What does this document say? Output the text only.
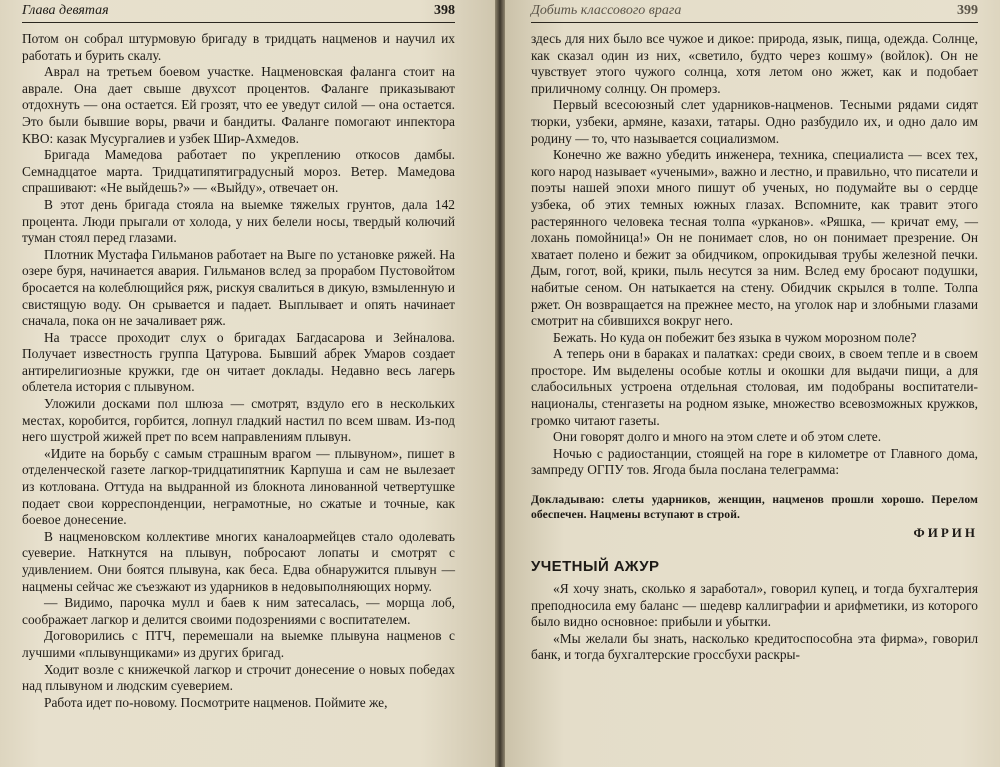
Глава девятая	398

Потом он собрал штурмовую бригаду в тридцать нацменов и научил их работать и бурить скалу.

Аврал на третьем боевом участке. Нацменовская фаланга стоит на аврале. Она дает свыше двухсот процентов. Фаланге приказывают отдохнуть — она остается. Ей грозят, что ее уведут силой — она остается. Это были бывшие воры, рвачи и бандиты. Фаланге помогают инпектора КВО: казак Мусургалиев и узбек Шир-Ахмедов.

Бригада Мамедова работает по укреплению откосов дамбы. Семнадцатое марта. Тридцатипятиградусный мороз. Ветер. Мамедова спрашивают: «Не выйдешь?» — «Выйду», отвечает он.

В этот день бригада стояла на выемке тяжелых грунтов, дала 142 процента. Люди прыгали от холода, у них белели носы, твердый колючий туман стоял перед глазами.

Плотник Мустафа Гильманов работает на Выге по установке ряжей. На озере буря, начинается авария. Гильманов вслед за прорабом Пустовойтом бросается на колеблющийся ряж, рискуя свалиться в дикую, взмыленную и свистящую воду. Он срывается и падает. Выплывает и опять начинает сначала, пока он не зачаливает ряж.

На трассе проходит слух о бригадах Багдасарова и Зейналова. Получает известность группа Цатурова. Бывший абрек Умаров создает антирелигиозные кружки, где он читает доклады. Недавно весь лагерь облетела история с плывуном.

Уложили досками пол шлюза — смотрят, вздуло его в нескольких местах, коробится, горбится, лопнул гладкий настил по всем швам. Из-под него шустрой жижей прет по всем направлениям плывун.

«Идите на борьбу с самым страшным врагом — плывуном», пишет в отделенческой газете лагкор-тридцатипятник Карпуша и сам не вылезает из котлована. Оттуда на выдранной из блокнота линованной четвертушке подает свои корреспонденции, неграмотные, но сжатые и точные, как боевое донесение.

В нацменовском коллективе многих каналоармейцев стало одолевать суеверие. Наткнутся на плывун, побросают лопаты и смотрят с удивлением. Они боятся плывуна, как беса. Едва обнаружится плывун — нацмены сейчас же съезжают из ударников в недовыполняющих норму.

— Видимо, парочка мулл и баев к ним затесалась, — морща лоб, соображает лагкор и делится своими подозрениями с воспитателем.

Договорились с ПТЧ, перемешали на выемке плывуна нацменов с лучшими «плывунщиками» из других бригад.

Ходит возле с книжечкой лагкор и строчит донесение о новых победах над плывуном и людским суеверием.

Работа идет по-новому. Посмотрите нацменов. Поймите же,

Добить классового врага	399

здесь для них было все чужое и дикое: природа, язык, пища, одежда. Солнце, как сказал один из них, «светило, будто через кошму» (войлок). Он не чувствует этого чужого солнца, хотя летом оно жжет, как и подобает приличному солнцу. Он промерз.

Первый всесоюзный слет ударников-нацменов. Тесными рядами сидят тюрки, узбеки, армяне, казахи, татары. Одно разбудило их, и одно дало им родину — то, что называется социализмом.

Конечно же важно убедить инженера, техника, специалиста — всех тех, кого народ называет «учеными», важно и лестно, и правильно, что писатели и поэты нашей эпохи много пишут об ученых, но подумайте вы о сердце узбека, об этих темных южных глазах. Вспомните, как травит этого растерянного человека тесная толпа «урканов». «Ряшка, — кричат ему, — лохань помойница!» Он не понимает слов, но он понимает презрение. Он хватает полено и бежит за обидчиком, опрокидывая трубы железной печки. Дым, гогот, вой, крики, пыль несутся за ним. Вслед ему бросают подушки, набитые сеном. Он натыкается на стену. Обидчик скрылся в толпе. Толпа ржет. Он возвращается на прежнее место, на уголок нар и злобными глазами смотрит на сбившихся вокруг него.

Бежать. Но куда он побежит без языка в чужом морозном поле?

А теперь они в бараках и палатках: среди своих, в своем тепле и в своем просторе. Им выделены особые котлы и окошки для выдачи пищи, а для слабосильных устроена отдельная столовая, им подобраны воспитатели-националы, стенгазеты на родном языке, множество всевозможных кружков, громко читают газеты.

Они говорят долго и много на этом слете и об этом слете.

Ночью с радиостанции, стоящей на горе в километре от Главного дома, зампреду ОГПУ тов. Ягода была послана телеграмма:

Докладываю: слеты ударников, женщин, нацменов прошли хорошо. Перелом обеспечен. Нацмены вступают в строй.

ФИРИН
УЧЕТНЫЙ АЖУР

«Я хочу знать, сколько я заработал», говорил купец, и тогда бухгалтерия преподносила ему баланс — шедевр каллиграфии и арифметики, из которого было видно основное: прибыли и убытки.

«Мы желали бы знать, насколько кредитоспособна эта фирма», говорил банк, и тогда бухгалтерские гроссбухи раскры-
